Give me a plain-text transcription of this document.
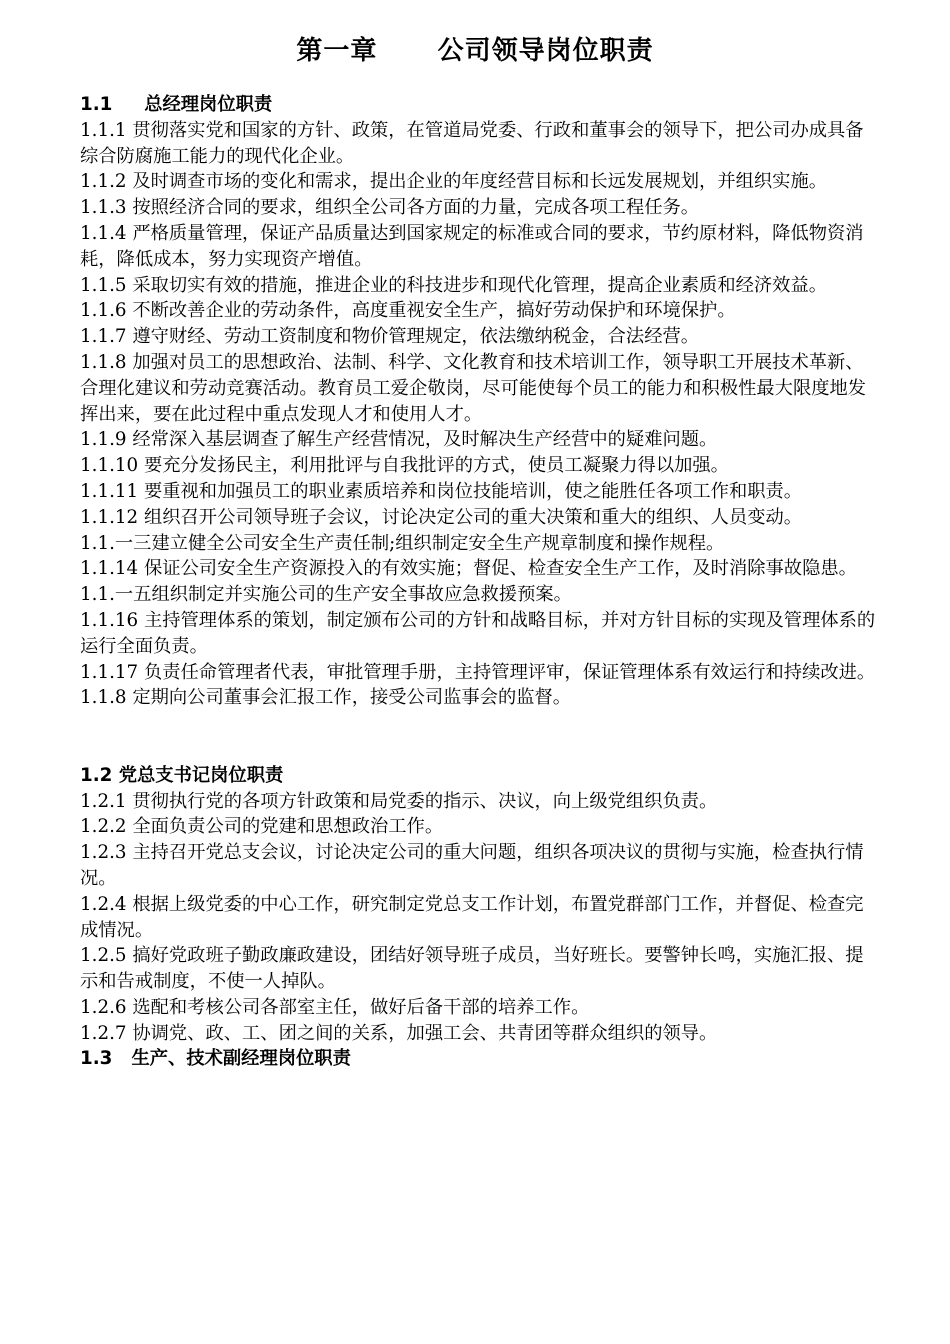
第一章      公司领导岗位职责
1.1     总经理岗位职责
1.1.1 贯彻落实党和国家的方针、政策，在管道局党委、行政和董事会的领导下，把公司办成具备综合防腐施工能力的现代化企业。
1.1.2 及时调查市场的变化和需求，提出企业的年度经营目标和长远发展规划，并组织实施。
1.1.3 按照经济合同的要求，组织全公司各方面的力量，完成各项工程任务。
1.1.4 严格质量管理，保证产品质量达到国家规定的标准或合同的要求，节约原材料，降低物资消耗，降低成本，努力实现资产增值。
1.1.5 采取切实有效的措施，推进企业的科技进步和现代化管理，提高企业素质和经济效益。
1.1.6 不断改善企业的劳动条件，高度重视安全生产，搞好劳动保护和环境保护。
1.1.7 遵守财经、劳动工资制度和物价管理规定，依法缴纳税金，合法经营。
1.1.8 加强对员工的思想政治、法制、科学、文化教育和技术培训工作，领导职工开展技术革新、合理化建议和劳动竞赛活动。教育员工爱企敬岗，尽可能使每个员工的能力和积极性最大限度地发挥出来，要在此过程中重点发现人才和使用人才。
1.1.9 经常深入基层调查了解生产经营情况，及时解决生产经营中的疑难问题。
1.1.10 要充分发扬民主，利用批评与自我批评的方式，使员工凝聚力得以加强。
1.1.11 要重视和加强员工的职业素质培养和岗位技能培训，使之能胜任各项工作和职责。
1.1.12 组织召开公司领导班子会议，讨论决定公司的重大决策和重大的组织、人员变动。
1.1.一三建立健全公司安全生产责任制;组织制定安全生产规章制度和操作规程。
1.1.14 保证公司安全生产资源投入的有效实施；督促、检查安全生产工作，及时消除事故隐患。
1.1.一五组织制定并实施公司的生产安全事故应急救援预案。
1.1.16 主持管理体系的策划，制定颁布公司的方针和战略目标，并对方针目标的实现及管理体系的运行全面负责。
1.1.17 负责任命管理者代表，审批管理手册，主持管理评审，保证管理体系有效运行和持续改进。
1.1.8 定期向公司董事会汇报工作，接受公司监事会的监督。
1.2 党总支书记岗位职责
1.2.1 贯彻执行党的各项方针政策和局党委的指示、决议，向上级党组织负责。
1.2.2 全面负责公司的党建和思想政治工作。
1.2.3 主持召开党总支会议，讨论决定公司的重大问题，组织各项决议的贯彻与实施，检查执行情况。
1.2.4 根据上级党委的中心工作，研究制定党总支工作计划，布置党群部门工作，并督促、检查完成情况。
1.2.5 搞好党政班子勤政廉政建设，团结好领导班子成员，当好班长。要警钟长鸣，实施汇报、提示和告戒制度，不使一人掉队。
1.2.6 选配和考核公司各部室主任，做好后备干部的培养工作。
1.2.7 协调党、政、工、团之间的关系，加强工会、共青团等群众组织的领导。
1.3   生产、技术副经理岗位职责
